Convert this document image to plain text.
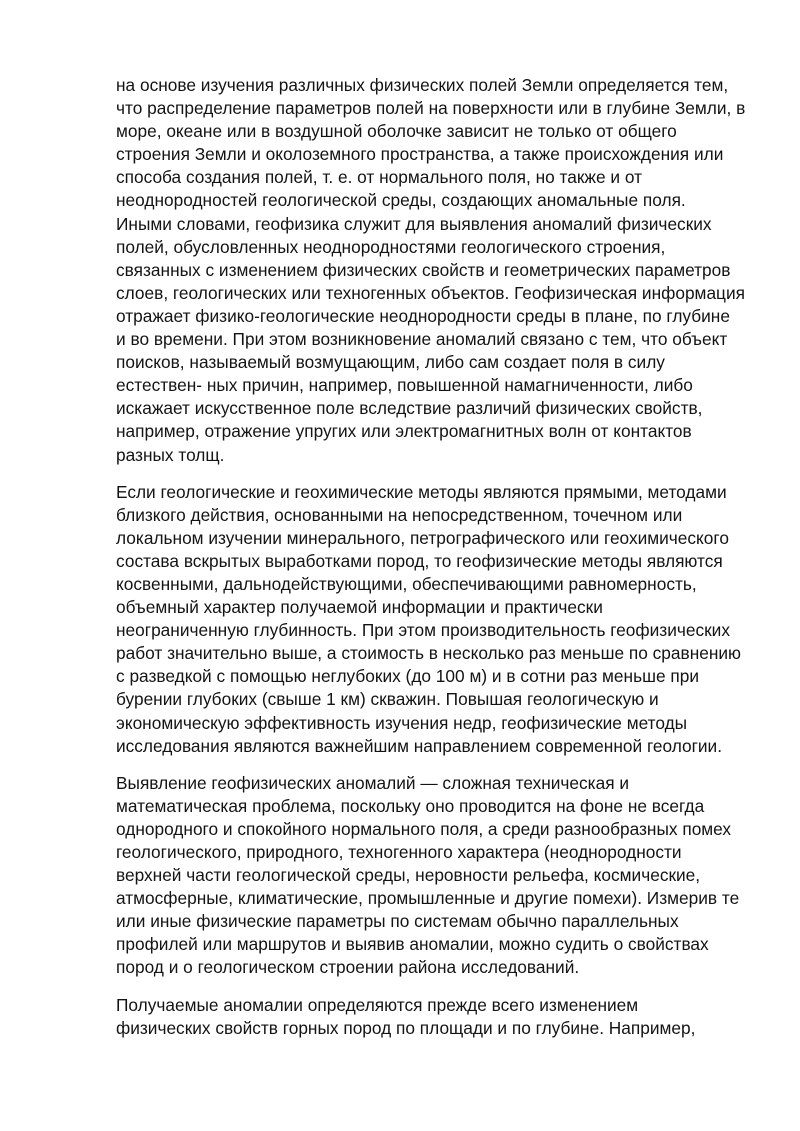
на основе изучения различных физических полей Земли определяется тем,
что распределение параметров полей на поверхности или в глубине Земли, в
море, океане или в воздушной оболочке зависит не только от общего
строения Земли и околоземного пространства, а также происхождения или
способа создания полей, т. е. от нормального поля, но также и от
неоднородностей геологической среды, создающих аномальные поля.
Иными словами, геофизика служит для выявления аномалий физических
полей, обусловленных неоднородностями геологического строения,
связанных с изменением физических свойств и геометрических параметров
слоев, геологических или техногенных объектов. Геофизическая информация
отражает физико-геологические неоднородности среды в плане, по глубине
и во времени. При этом возникновение аномалий связано с тем, что объект
поисков, называемый возмущающим, либо сам создает поля в силу
естествен- ных причин, например, повышенной намагниченности, либо
искажает искусственное поле вследствие различий физических свойств,
например, отражение упругих или электромагнитных волн от контактов
разных толщ.

Если геологические и геохимические методы являются прямыми, методами
близкого действия, основанными на непосредственном, точечном или
локальном изучении минерального, петрографического или геохимического
состава вскрытых выработками пород, то геофизические методы являются
косвенными, дальнодействующими, обеспечивающими равномерность,
объемный характер получаемой информации и практически
неограниченную глубинность. При этом производительность геофизических
работ значительно выше, а стоимость в несколько раз меньше по сравнению
с разведкой с помощью неглубоких (до 100 м) и в сотни раз меньше при
бурении глубоких (свыше 1 км) скважин. Повышая геологическую и
экономическую эффективность изучения недр, геофизические методы
исследования являются важнейшим направлением современной геологии.

Выявление геофизических аномалий — сложная техническая и
математическая проблема, поскольку оно проводится на фоне не всегда
однородного и спокойного нормального поля, а среди разнообразных помех
геологического, природного, техногенного характера (неоднородности
верхней части геологической среды, неровности рельефа, космические,
атмосферные, климатические, промышленные и другие помехи). Измерив те
или иные физические параметры по системам обычно параллельных
профилей или маршрутов и выявив аномалии, можно судить о свойствах
пород и о геологическом строении района исследований.

Получаемые аномалии определяются прежде всего изменением
физических свойств горных пород по площади и по глубине. Например,
